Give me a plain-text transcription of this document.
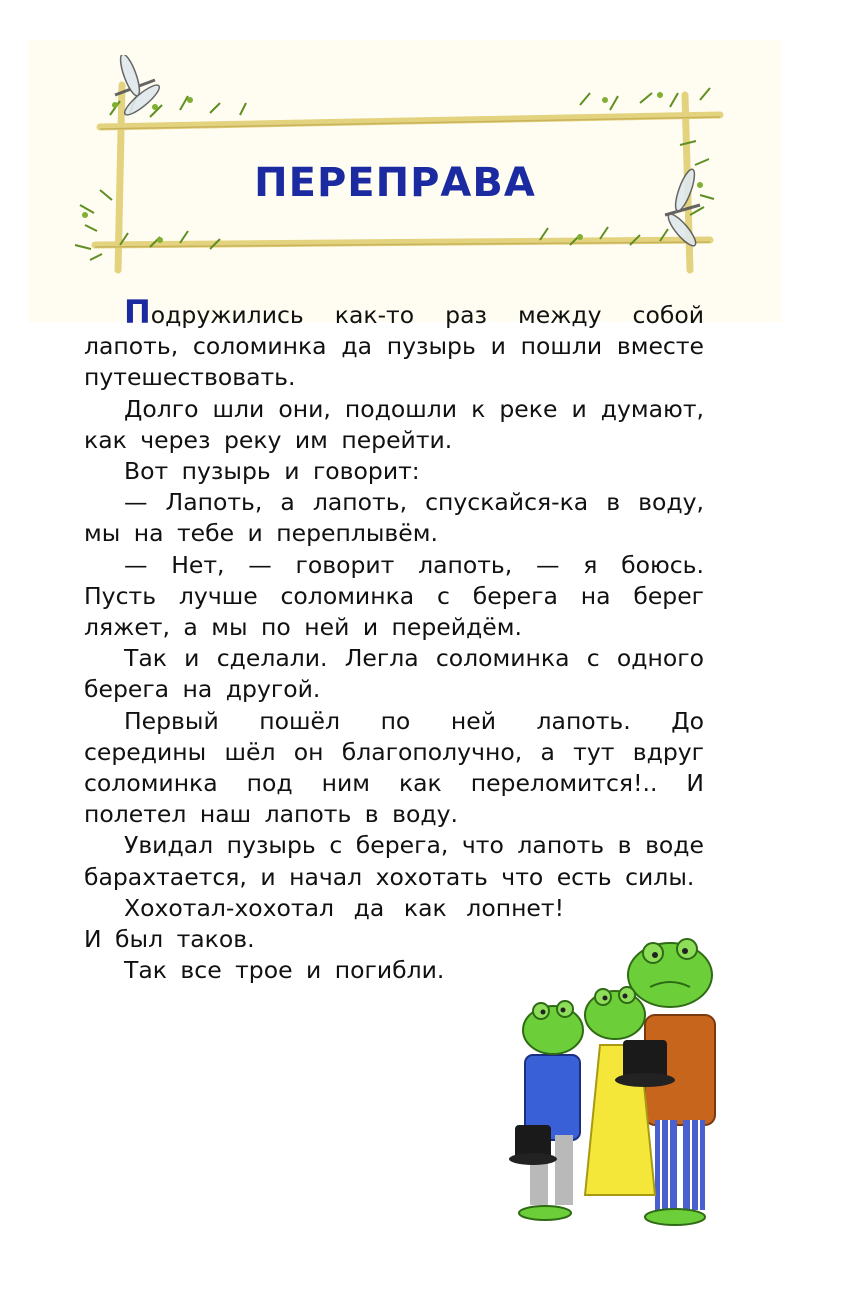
ПЕРЕПРАВА

Подружились как-то раз между собой лапоть, соломинка да пузырь и пошли вместе путешествовать.

Долго шли они, подошли к реке и думают, как через реку им перейти.

Вот пузырь и говорит:

— Лапоть, а лапоть, спускайся-ка в воду, мы на тебе и переплывём.

— Нет, — говорит лапоть, — я боюсь. Пусть лучше соломинка с берега на берег ляжет, а мы по ней и перейдём.

Так и сделали. Легла соломинка с одного берега на другой.

Первый пошёл по ней лапоть. До середины шёл он благополучно, а тут вдруг соломинка под ним как переломится!.. И полетел наш лапоть в воду.

Увидал пузырь с берега, что лапоть в воде барахтается, и начал хохотать что есть силы.

Хохотал-хохотал да как лопнет! И был таков.

Так все трое и погибли.
